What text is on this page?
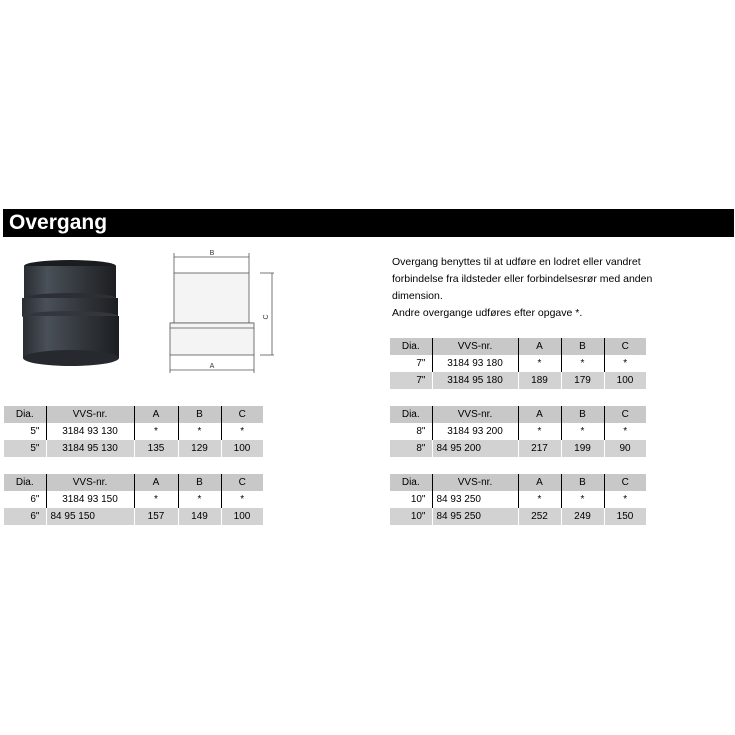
Overgang
B
A
C
Overgang benyttes til at udføre en lodret eller vandret
forbindelse fra ildsteder eller forbindelsesrør med anden
dimension.
Andre overgange udføres efter opgave *.
Dia.	VVS-nr.	A	B	C
5"	3184 93 130	*	*	*
5"	3184 95 130	135	129	100
Dia.	VVS-nr.	A	B	C
6"	3184 93 150	*	*	*
6"	84 95 150	157	149	100
Dia.	VVS-nr.	A	B	C
7"	3184 93 180	*	*	*
7"	3184 95 180	189	179	100
Dia.	VVS-nr.	A	B	C
8"	3184 93 200	*	*	*
8"	84 95 200	217	199	90
Dia.	VVS-nr.	A	B	C
10"	84 93 250	*	*	*
10"	84 95 250	252	249	150
